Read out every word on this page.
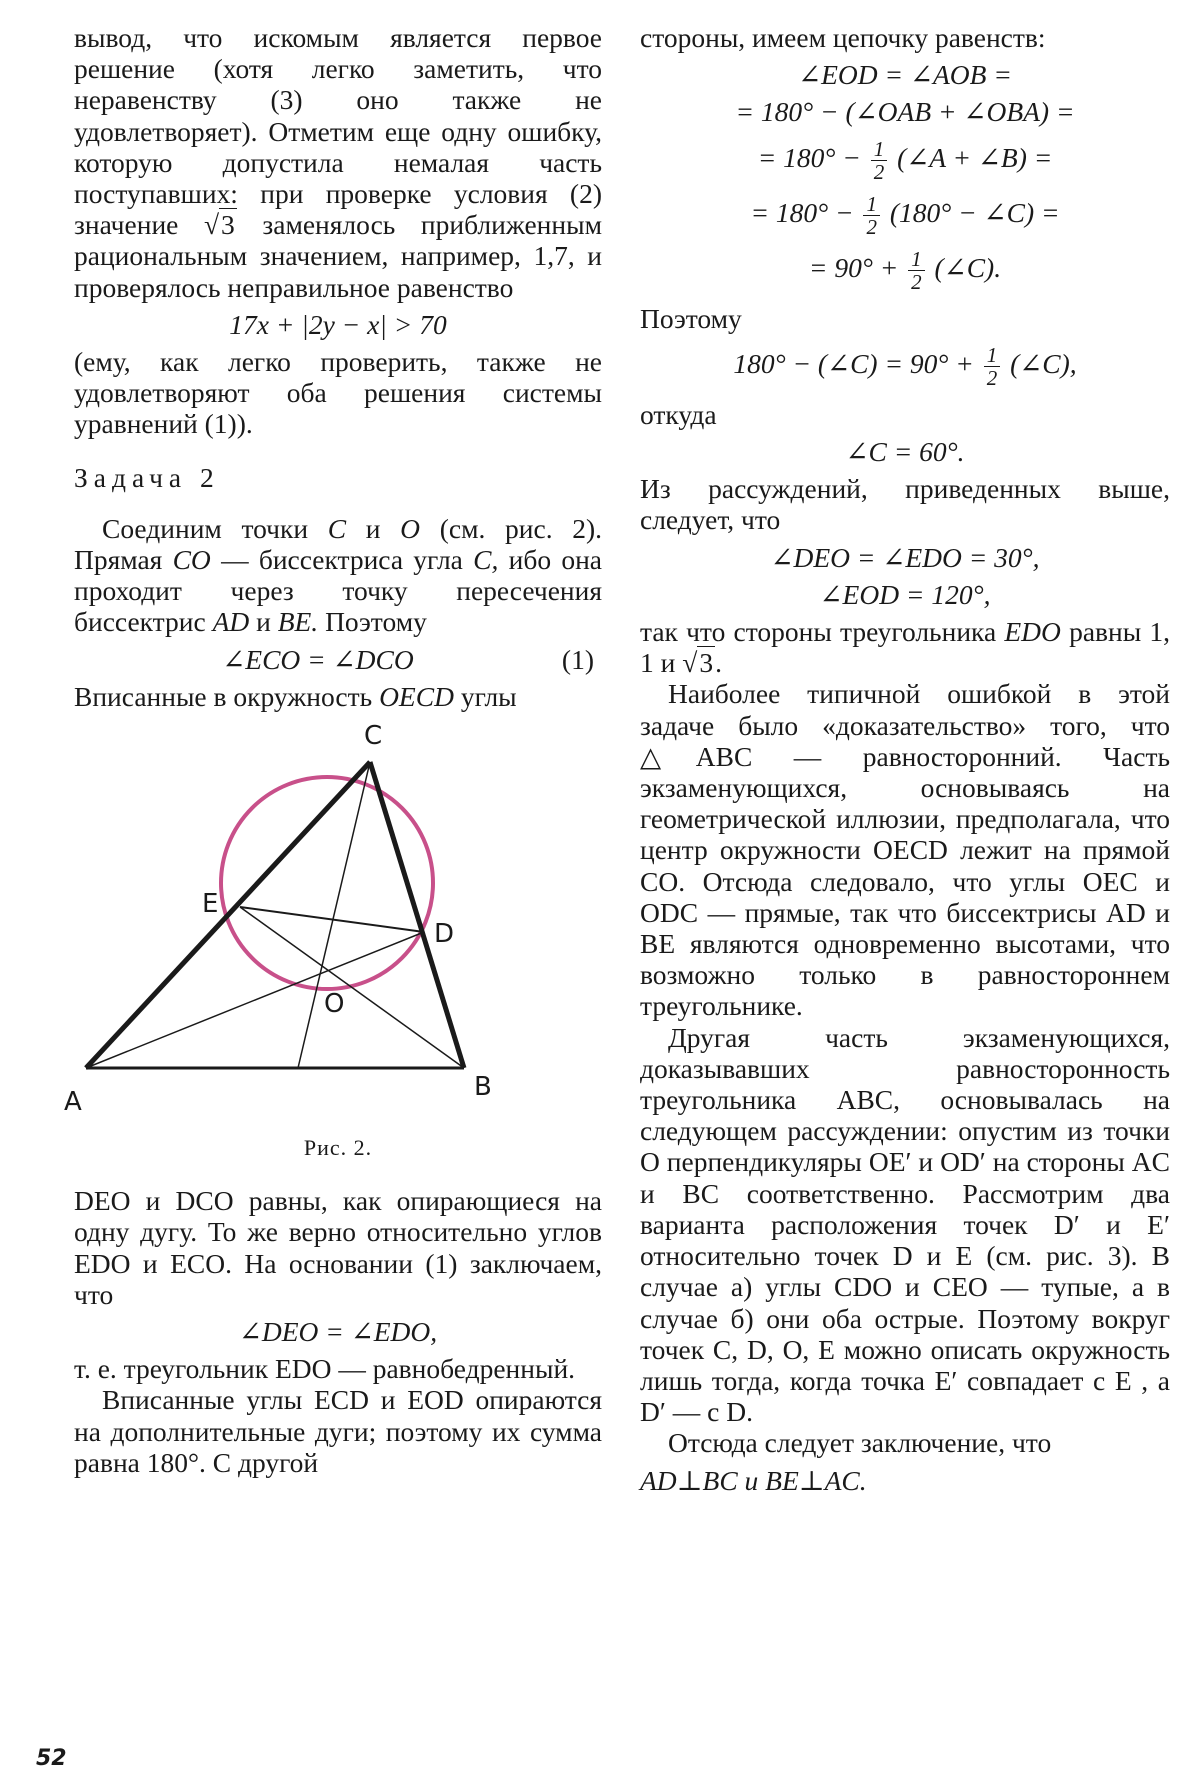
вывод, что искомым является первое решение (хотя легко заметить, что неравенству (3) оно также не удовлетворяет). Отметим еще одну ошибку, которую допустила немалая часть поступавших: при проверке условия (2) значение √3 заменялось приближенным рациональным значением, например, 1,7, и проверялось неправильное равенство

17x + |2y − x| > 70

(ему, как легко проверить, также не удовлетворяют оба решения системы уравнений (1)).

Задача 2

Соединим точки C и O (см. рис. 2). Прямая CO — биссектриса угла C, ибо она проходит через точку пересечения биссектрис AD и BE. Поэтому

∠ECO = ∠DCO	(1)

Вписанные в окружность OECD углы

C
E
D
O
A	B
Рис. 2.

DEO и DCO равны, как опирающиеся на одну дугу. То же верно относительно углов EDO и ECO. На основании (1) заключаем, что

∠DEO = ∠EDO,

т. е. треугольник EDO — равнобедренный.

Вписанные углы ECD и EOD опираются на дополнительные дуги; поэтому их сумма равна 180°. С другой

стороны, имеем цепочку равенств:

∠EOD = ∠AOB =
= 180° − (∠OAB + ∠OBA) =
= $180^\circ - \frac{1}{2}$ (∠A + ∠B) =
= $180^\circ - \frac{1}{2} (180^\circ$ − ∠C) =
= $90^\circ + \frac{1}{2}$ (∠C).

Поэтому

180° − (∠C) = $90^\circ + \frac{1}{2}$ (∠C),

откуда

∠C = 60°.

Из рассуждений, приведенных выше, следует, что

∠DEO = ∠EDO = 30°,
∠EOD = 120°,

так что стороны треугольника EDO равны 1, 1 и √3.

Наиболее типичной ошибкой в этой задаче было «доказательство» того, что △ABC — равносторонний. Часть экзаменующихся, основываясь на геометрической иллюзии, предполагала, что центр окружности OECD лежит на прямой CO. Отсюда следовало, что углы OEC и ODC — прямые, так что биссектрисы AD и BE являются одновременно высотами, что возможно только в равностороннем треугольнике.

Другая часть экзаменующихся, доказывавших равносторонность треугольника ABC, основывалась на следующем рассуждении: опустим из точки O перпендикуляры OE′ и OD′ на стороны AC и BC соответственно. Рассмотрим два варианта расположения точек D′ и E′ относительно точек D и E (см. рис. 3). В случае а) углы CDO и CEO — тупые, а в случае б) они оба острые. Поэтому вокруг точек C, D, O, E можно описать окружность лишь тогда, когда точка E′ совпадает с E , а D′ — с D.

Отсюда следует заключение, что

AD⊥BC и BE⊥AC.
52
